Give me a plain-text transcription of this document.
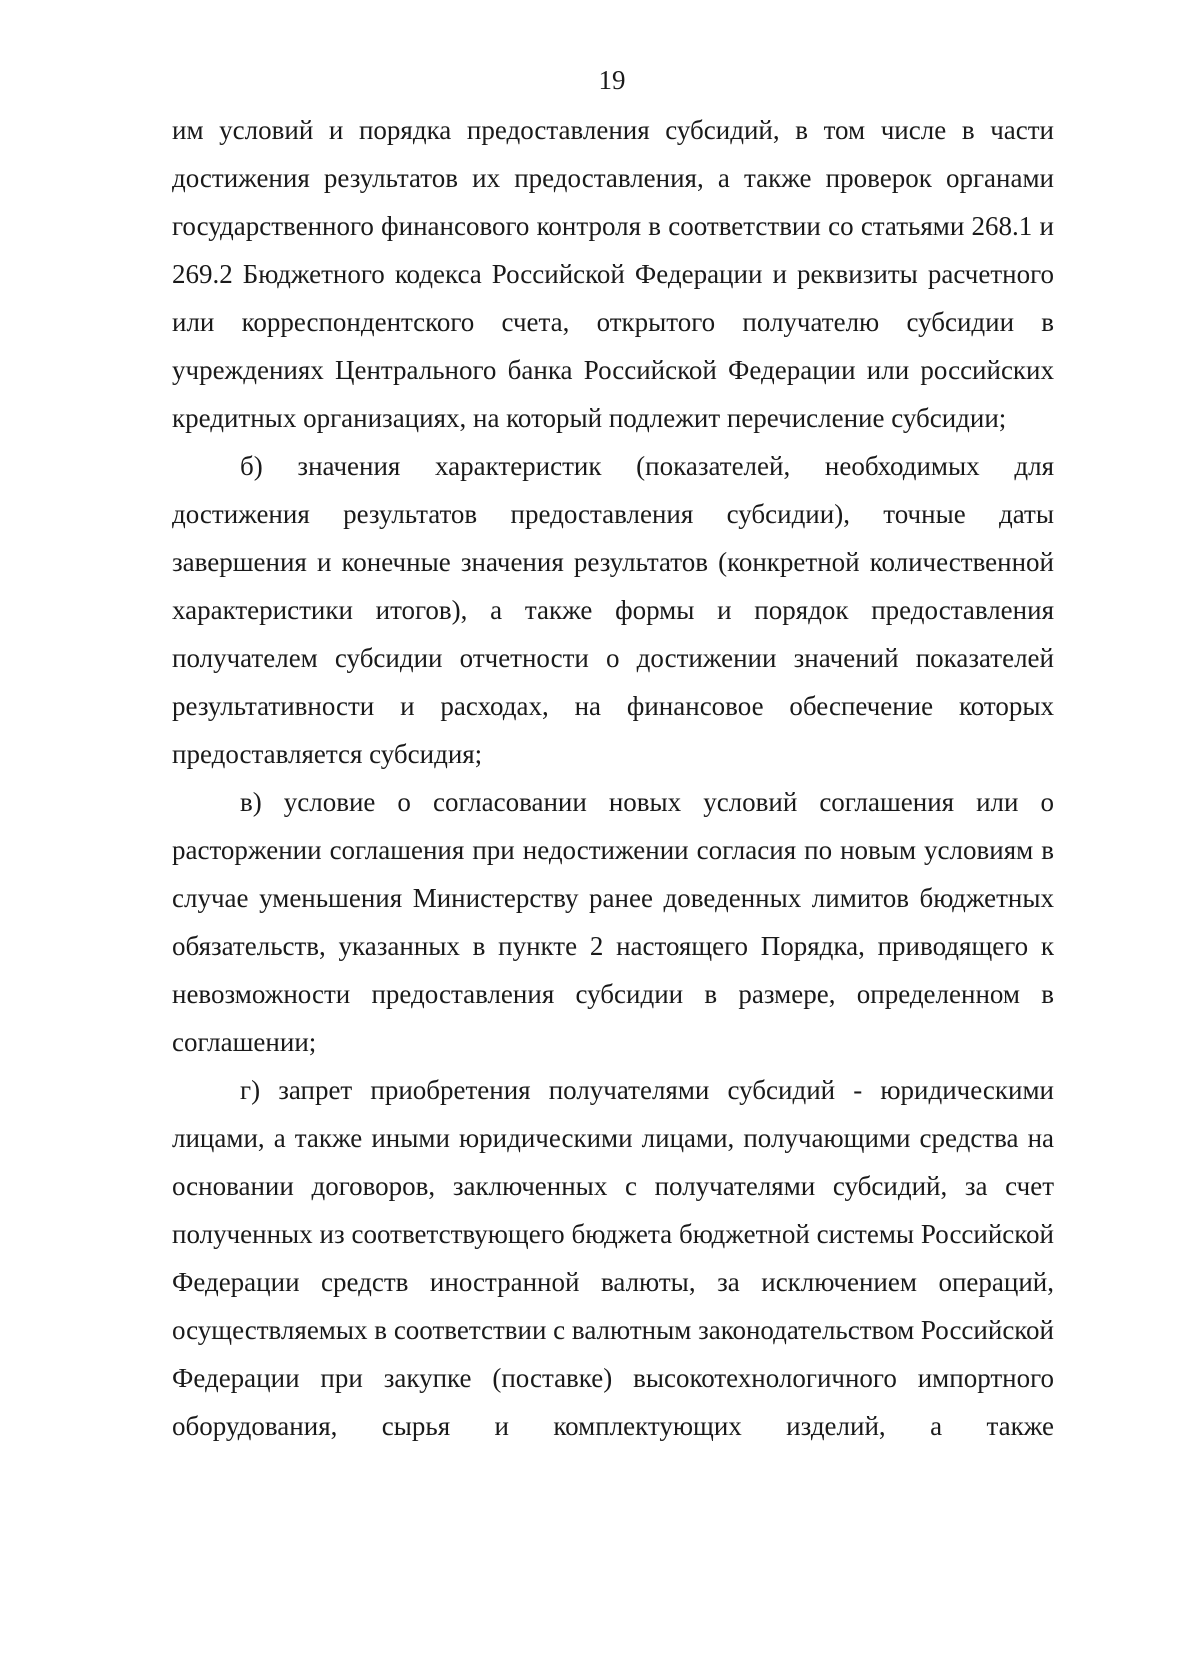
19

им условий и порядка предоставления субсидий, в том числе в части достижения результатов их предоставления, а также проверок органами государственного финансового контроля в соответствии со статьями 268.1 и 269.2 Бюджетного кодекса Российской Федерации и реквизиты расчетного или корреспондентского счета, открытого получателю субсидии в учреждениях Центрального банка Российской Федерации или российских кредитных организациях, на который подлежит перечисление субсидии;

б) значения характеристик (показателей, необходимых для достижения результатов предоставления субсидии), точные даты завершения и конечные значения результатов (конкретной количественной характеристики итогов), а также формы и порядок предоставления получателем субсидии отчетности о достижении значений показателей результативности и расходах, на финансовое обеспечение которых предоставляется субсидия;

в) условие о согласовании новых условий соглашения или о расторжении соглашения при недостижении согласия по новым условиям в случае уменьшения Министерству ранее доведенных лимитов бюджетных обязательств, указанных в пункте 2 настоящего Порядка, приводящего к невозможности предоставления субсидии в размере, определенном в соглашении;

г) запрет приобретения получателями субсидий - юридическими лицами, а также иными юридическими лицами, получающими средства на основании договоров, заключенных с получателями субсидий, за счет полученных из соответствующего бюджета бюджетной системы Российской Федерации средств иностранной валюты, за исключением операций, осуществляемых в соответствии с валютным законодательством Российской Федерации при закупке (поставке) высокотехнологичного импортного оборудования, сырья и комплектующих изделий, а также
